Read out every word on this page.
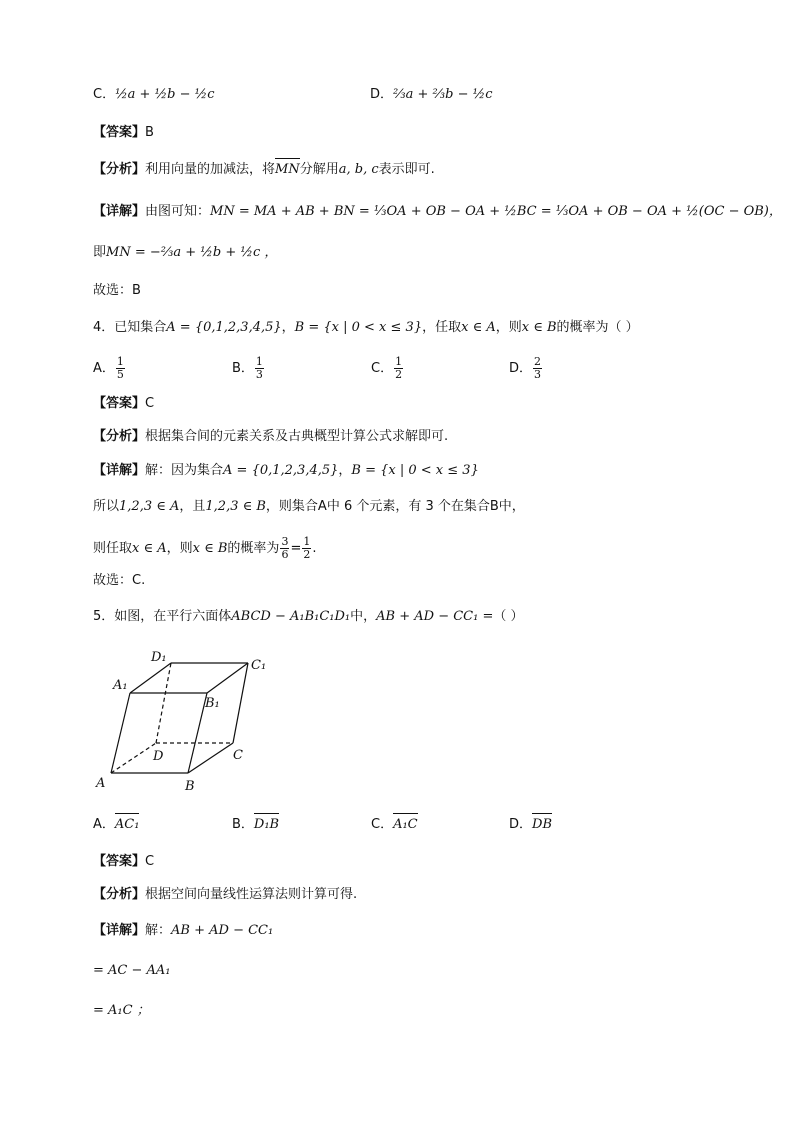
C．½a + ½b − ½c	D．⅔a + ⅔b − ½c
【答案】B
【分析】利用向量的加减法，将MN分解用a, b, c表示即可.
【详解】由图可知：MN = MA + AB + BN = ⅓OA + OB − OA + ½BC = ⅓OA + OB − OA + ½(OC − OB)，
即MN = −⅔a + ½b + ½c ，
故选：B
4．已知集合A = {0,1,2,3,4,5}，B = {x | 0 < x ≤ 3}，任取x ∈ A，则x ∈ B的概率为（ ）
A． $\frac{1}{5}$	B． $\frac{1}{3}$	C． $\frac{1}{2}$	D． $\frac{2}{3}$
【答案】C
【分析】根据集合间的元素关系及古典概型计算公式求解即可.
【详解】解：因为集合A = {0,1,2,3,4,5}，B = {x | 0 < x ≤ 3}
所以1,2,3 ∈ A，且1,2,3 ∈ B，则集合A中 6 个元素，有 3 个在集合B中，
则任取x ∈ A，则x ∈ B的概率为 $\frac{3}{6} = \frac{1}{2}$ .
故选：C.
5．如图，在平行六面体ABCD − A₁B₁C₁D₁中，AB + AD − CC₁ =（ ）
D₁
C₁
A₁
B₁
D	C
A	B
A．AC₁	B．D₁B	C．A₁C	D．DB
【答案】C
【分析】根据空间向量线性运算法则计算可得.
【详解】解：AB + AD − CC₁
= AC − AA₁
= A₁C ；
